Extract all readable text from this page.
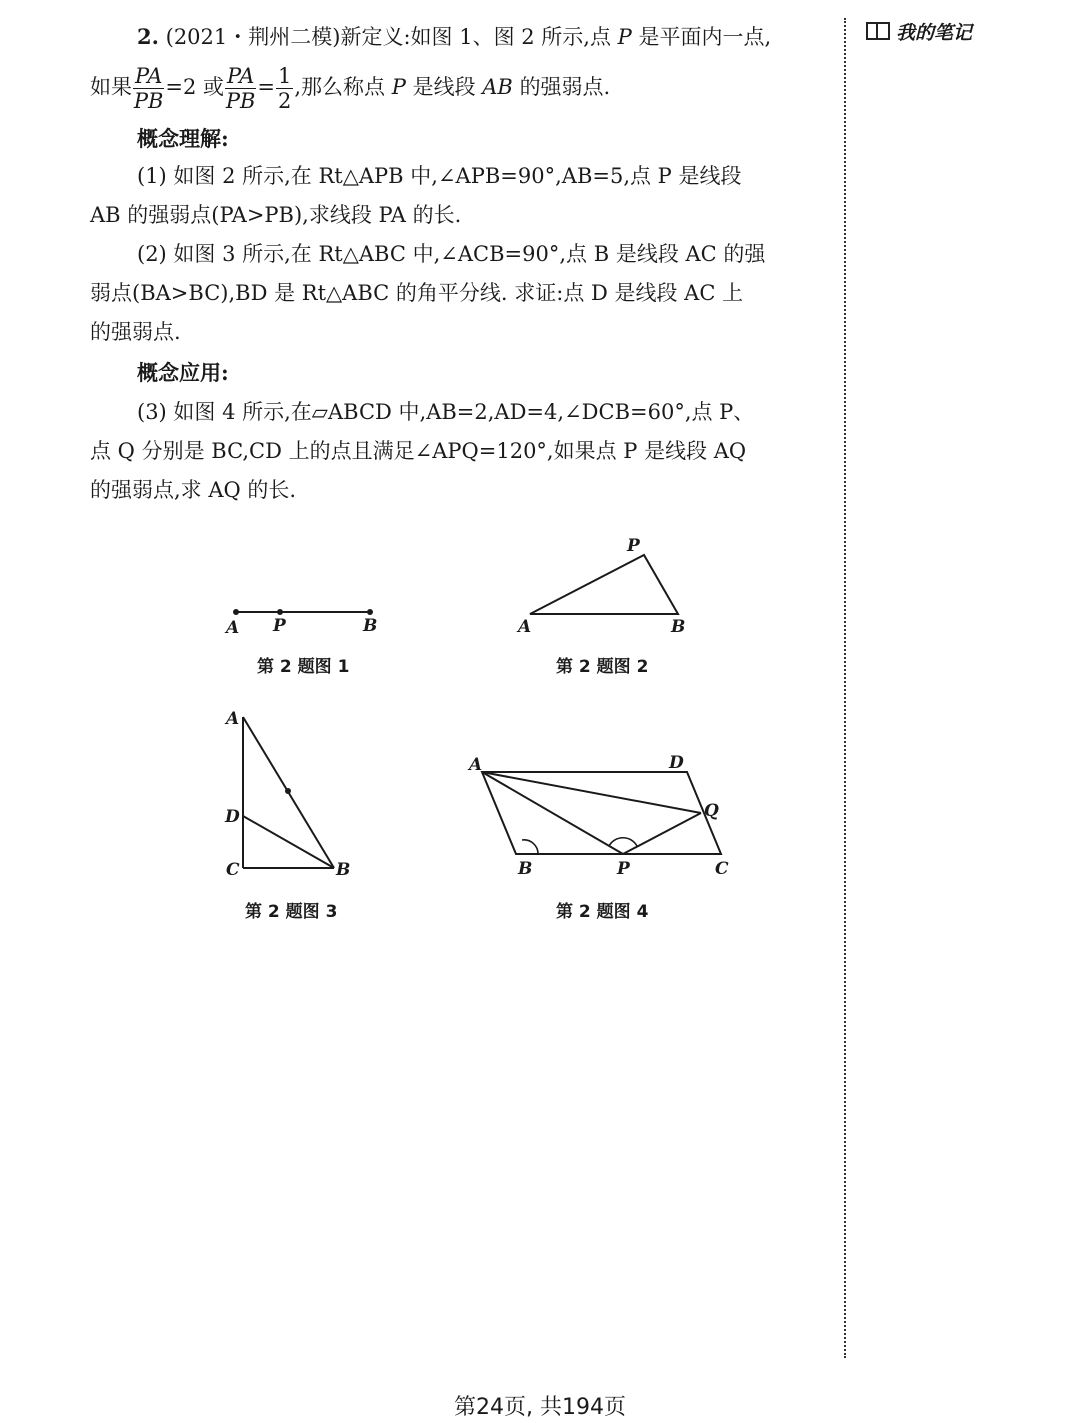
2. (2021・荆州二模)新定义:如图 1、图 2 所示,点 P 是平面内一点,
如果 $\frac{PA}{PB} =2$ 或 $\frac{PA}{PB} = \frac{1}{2}$ ,那么称点 P 是线段 AB 的强弱点.
概念理解:
(1) 如图 2 所示,在 Rt△APB 中,∠APB=90°,AB=5,点 P 是线段
AB 的强弱点(PA>PB),求线段 PA 的长.
(2) 如图 3 所示,在 Rt△ABC 中,∠ACB=90°,点 B 是线段 AC 的强
弱点(BA>BC),BD 是 Rt△ABC 的角平分线. 求证:点 D 是线段 AC 上
的强弱点.
概念应用:
(3) 如图 4 所示,在▱ABCD 中,AB=2,AD=4,∠DCB=60°,点 P、
点 Q 分别是 BC,CD 上的点且满足∠APQ=120°,如果点 P 是线段 AQ
的强弱点,求 AQ 的长.
我的笔记
A P	B
第 2 题图 1
P
A	B
第 2 题图 2
A
D
C	B
第 2 题图 3
A	D
Q
B	P	C
第 2 题图 4
第24页, 共194页
